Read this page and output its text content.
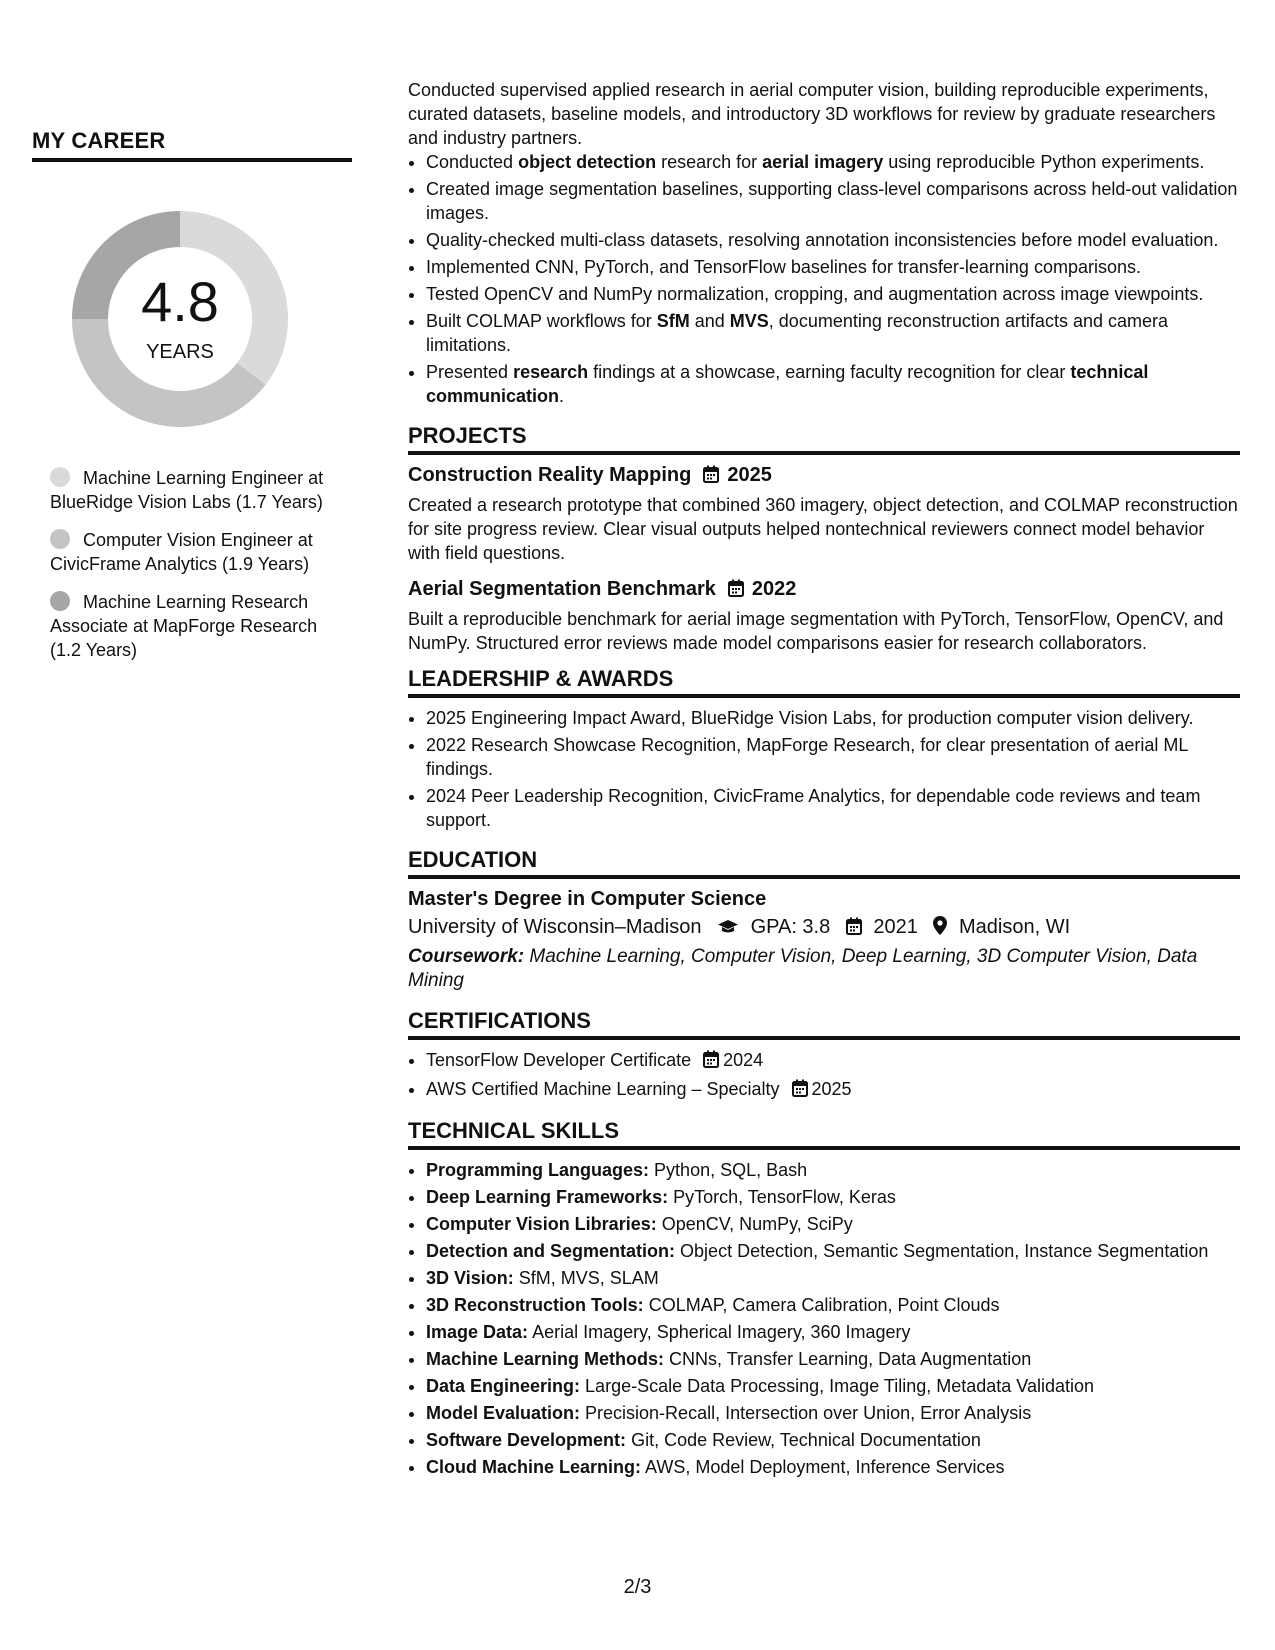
MY CAREER
4.8
YEARS
Machine Learning Engineer at BlueRidge Vision Labs (1.7 Years)
Computer Vision Engineer at CivicFrame Analytics (1.9 Years)
Machine Learning Research Associate at MapForge Research (1.2 Years)

Conducted supervised applied research in aerial computer vision, building reproducible experiments, curated datasets, baseline models, and introductory 3D workflows for review by graduate researchers and industry partners.

• Conducted object detection research for aerial imagery using reproducible Python experiments.
• Created image segmentation baselines, supporting class-level comparisons across held-out validation images.
• Quality-checked multi-class datasets, resolving annotation inconsistencies before model evaluation.
• Implemented CNN, PyTorch, and TensorFlow baselines for transfer-learning comparisons.
• Tested OpenCV and NumPy normalization, cropping, and augmentation across image viewpoints.
• Built COLMAP workflows for SfM and MVS, documenting reconstruction artifacts and camera limitations.
• Presented research findings at a showcase, earning faculty recognition for clear technical communication.
PROJECTS
Construction Reality Mapping 2025

Created a research prototype that combined 360 imagery, object detection, and COLMAP reconstruction for site progress review. Clear visual outputs helped nontechnical reviewers connect model behavior with field questions.

Aerial Segmentation Benchmark 2022

Built a reproducible benchmark for aerial image segmentation with PyTorch, TensorFlow, OpenCV, and NumPy. Structured error reviews made model comparisons easier for research collaborators.

LEADERSHIP & AWARDS
• 2025 Engineering Impact Award, BlueRidge Vision Labs, for production computer vision delivery.
• 2022 Research Showcase Recognition, MapForge Research, for clear presentation of aerial ML findings.
• 2024 Peer Leadership Recognition, CivicFrame Analytics, for dependable code reviews and team support.
EDUCATION
Master's Degree in Computer Science
University of Wisconsin–Madison GPA: 3.8 2021 Madison, WI
Coursework: Machine Learning, Computer Vision, Deep Learning, 3D Computer Vision, Data Mining
CERTIFICATIONS
• TensorFlow Developer Certificate 2024
• AWS Certified Machine Learning – Specialty 2025
TECHNICAL SKILLS
• Programming Languages: Python, SQL, Bash
• Deep Learning Frameworks: PyTorch, TensorFlow, Keras
• Computer Vision Libraries: OpenCV, NumPy, SciPy
• Detection and Segmentation: Object Detection, Semantic Segmentation, Instance Segmentation
• 3D Vision: SfM, MVS, SLAM
• 3D Reconstruction Tools: COLMAP, Camera Calibration, Point Clouds
• Image Data: Aerial Imagery, Spherical Imagery, 360 Imagery
• Machine Learning Methods: CNNs, Transfer Learning, Data Augmentation
• Data Engineering: Large-Scale Data Processing, Image Tiling, Metadata Validation
• Model Evaluation: Precision-Recall, Intersection over Union, Error Analysis
• Software Development: Git, Code Review, Technical Documentation
• Cloud Machine Learning: AWS, Model Deployment, Inference Services
2/3
